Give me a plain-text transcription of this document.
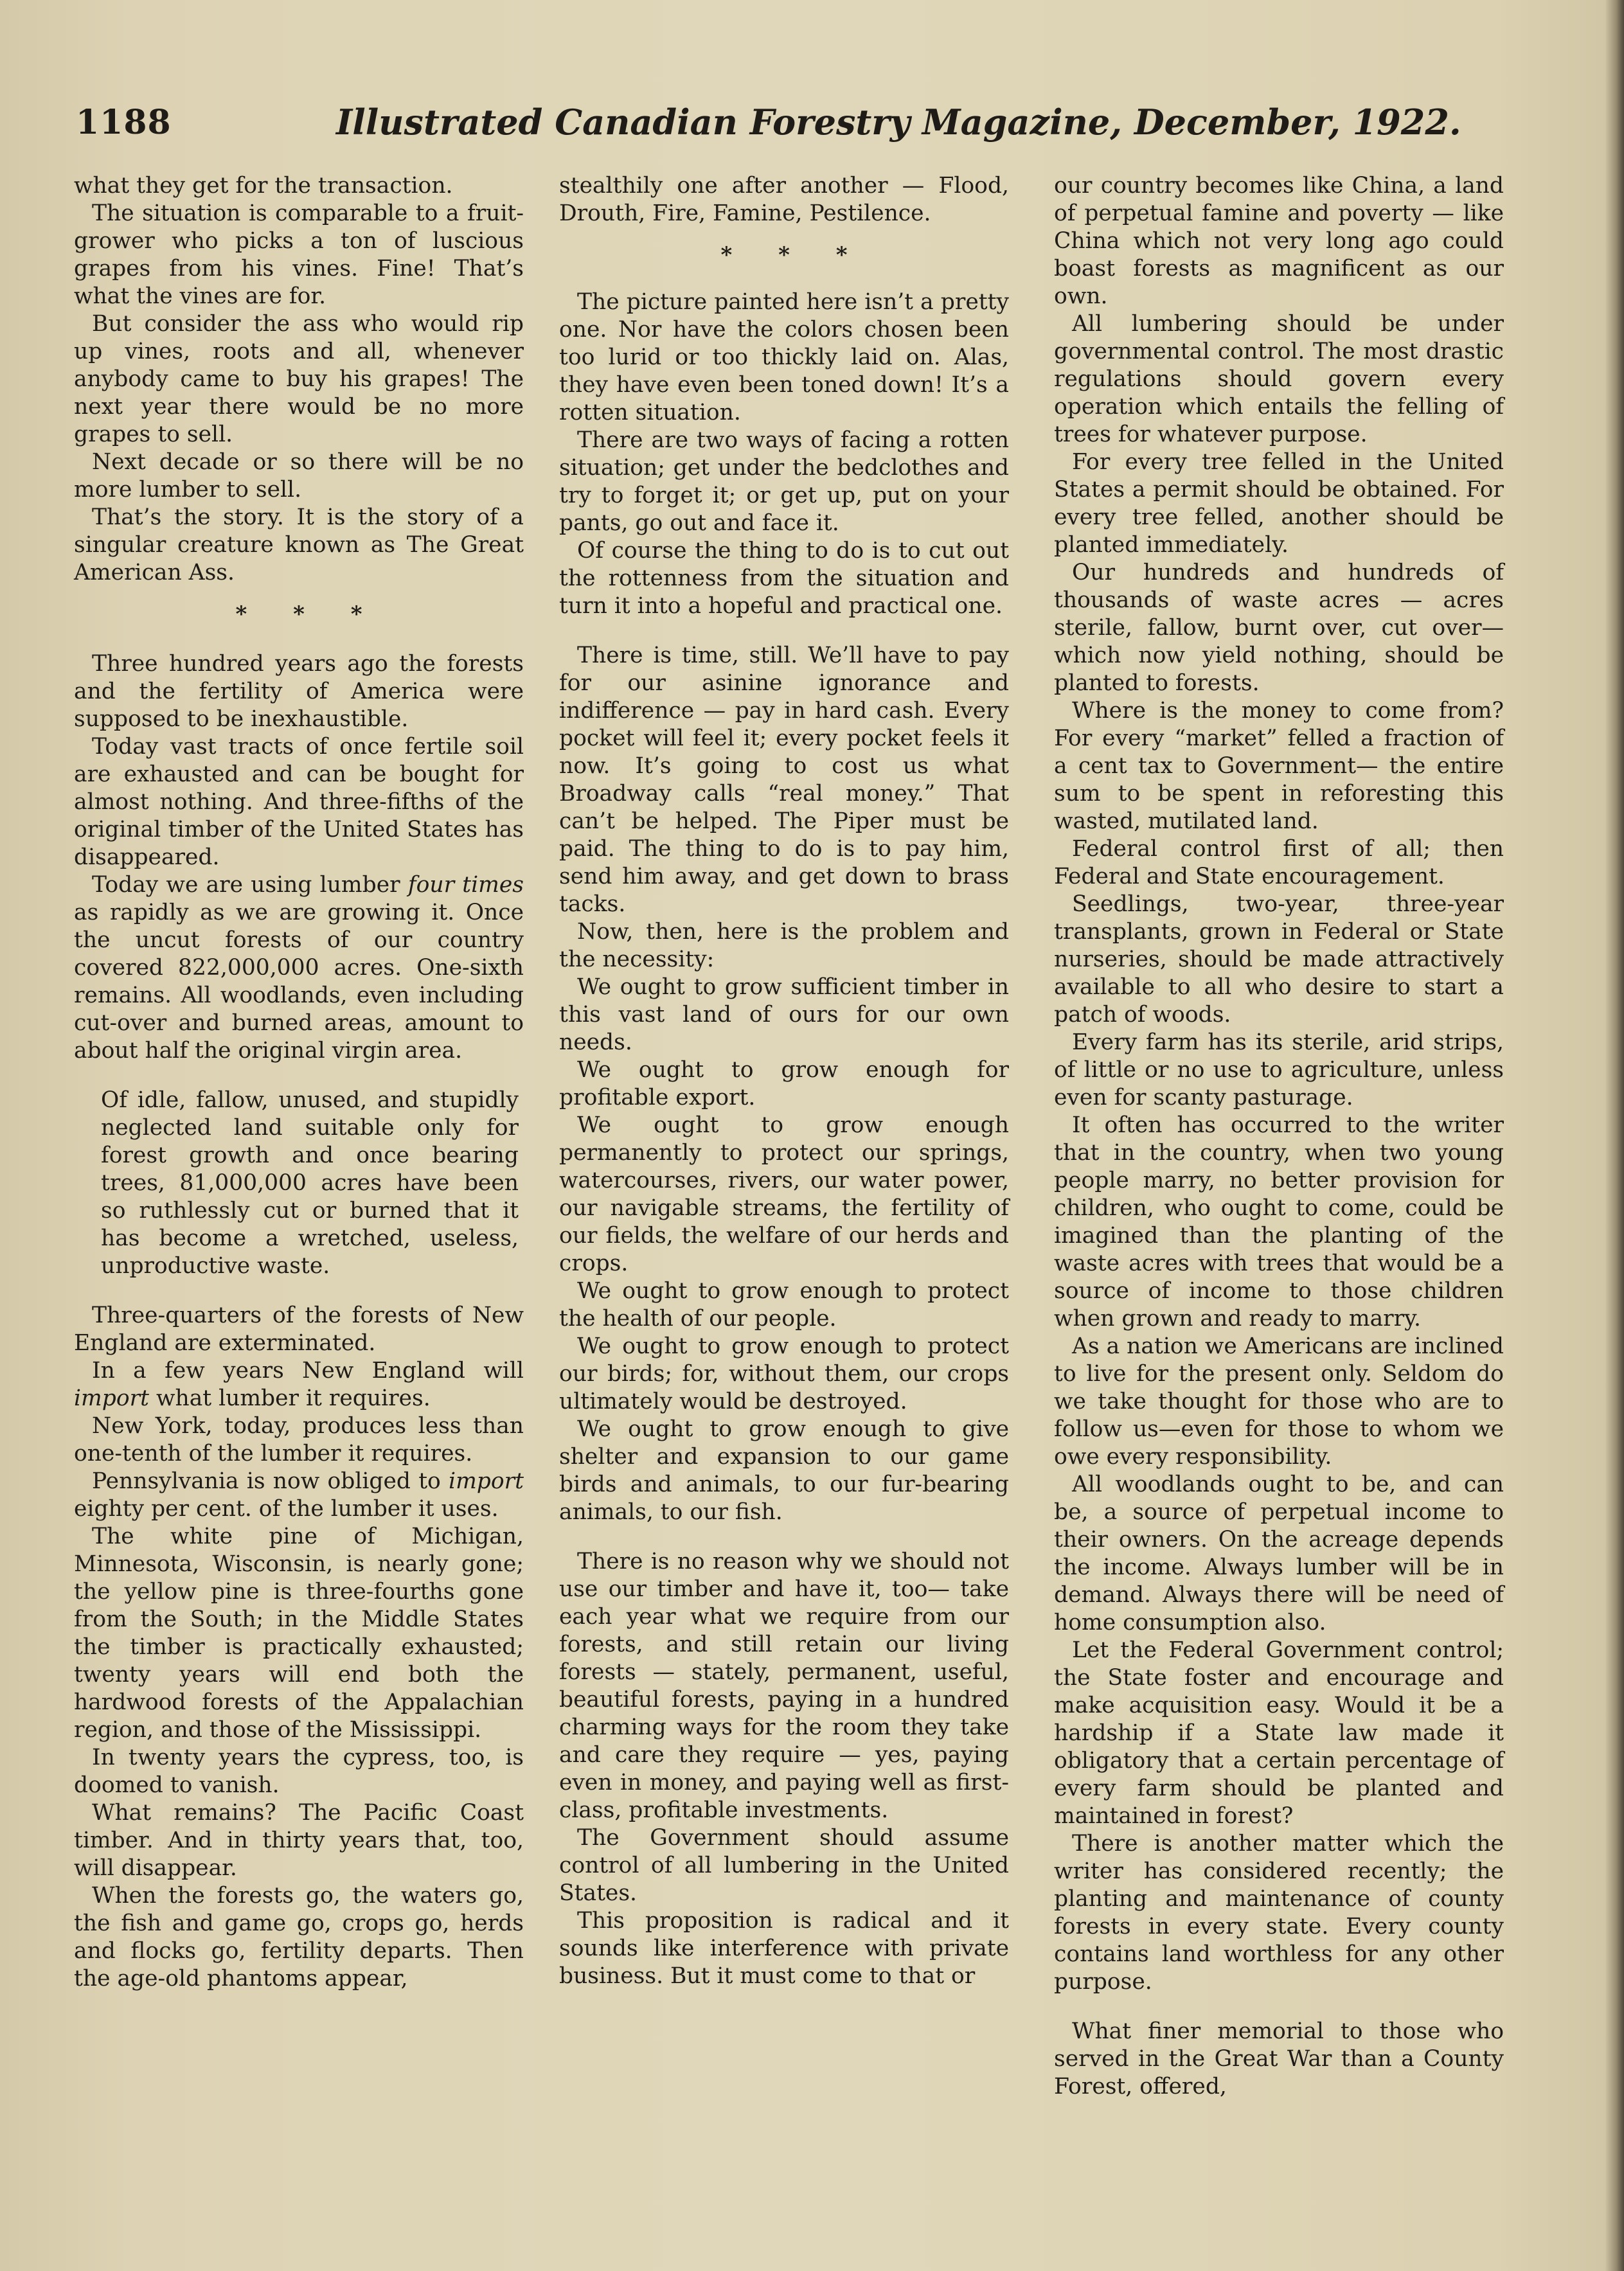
1188	Illustrated Canadian Forestry Magazine, December, 1922.

what they get for the transaction.

The situation is comparable to a fruit-grower who picks a ton of luscious grapes from his vines. Fine! That’s what the vines are for.

But consider the ass who would rip up vines, roots and all, whenever anybody came to buy his grapes! The next year there would be no more grapes to sell.

Next decade or so there will be no more lumber to sell.

That’s the story. It is the story of a singular creature known as The Great American Ass.

* * *

Three hundred years ago the forests and the fertility of America were supposed to be inexhaustible.

Today vast tracts of once fertile soil are exhausted and can be bought for almost nothing. And three-fifths of the original timber of the United States has disappeared.

Today we are using lumber four times as rapidly as we are growing it. Once the uncut forests of our country covered 822,000,000 acres. One-sixth remains. All woodlands, even including cut-over and burned areas, amount to about half the original virgin area.

Of idle, fallow, unused, and stupidly neglected land suitable only for forest growth and once bearing trees, 81,000,000 acres have been so ruthlessly cut or burned that it has become a wretched, useless, unproductive waste.

Three-quarters of the forests of New England are exterminated.

In a few years New England will import what lumber it requires.

New York, today, produces less than one-tenth of the lumber it requires.

Pennsylvania is now obliged to import eighty per cent. of the lumber it uses.

The white pine of Michigan, Minnesota, Wisconsin, is nearly gone; the yellow pine is three-fourths gone from the South; in the Middle States the timber is practically exhausted; twenty years will end both the hardwood forests of the Appalachian region, and those of the Mississippi.

In twenty years the cypress, too, is doomed to vanish.

What remains? The Pacific Coast timber. And in thirty years that, too, will disappear.

When the forests go, the waters go, the fish and game go, crops go, herds and flocks go, fertility departs. Then the age-old phantoms appear,

stealthily one after another — Flood, Drouth, Fire, Famine, Pestilence.

* * *

The picture painted here isn’t a pretty one. Nor have the colors chosen been too lurid or too thickly laid on. Alas, they have even been toned down! It’s a rotten situation.

There are two ways of facing a rotten situation; get under the bedclothes and try to forget it; or get up, put on your pants, go out and face it.

Of course the thing to do is to cut out the rottenness from the situation and turn it into a hopeful and practical one.

There is time, still. We’ll have to pay for our asinine ignorance and indifference — pay in hard cash. Every pocket will feel it; every pocket feels it now. It’s going to cost us what Broadway calls “real money.” That can’t be helped. The Piper must be paid. The thing to do is to pay him, send him away, and get down to brass tacks.

Now, then, here is the problem and the necessity:

We ought to grow sufficient timber in this vast land of ours for our own needs.

We ought to grow enough for profitable export.

We ought to grow enough permanently to protect our springs, watercourses, rivers, our water power, our navigable streams, the fertility of our fields, the welfare of our herds and crops.

We ought to grow enough to protect the health of our people.

We ought to grow enough to protect our birds; for, without them, our crops ultimately would be destroyed.

We ought to grow enough to give shelter and expansion to our game birds and animals, to our fur-bearing animals, to our fish.

There is no reason why we should not use our timber and have it, too— take each year what we require from our forests, and still retain our living forests — stately, permanent, useful, beautiful forests, paying in a hundred charming ways for the room they take and care they require — yes, paying even in money, and paying well as first-class, profitable investments.

The Government should assume control of all lumbering in the United States.

This proposition is radical and it sounds like interference with private business. But it must come to that or

our country becomes like China, a land of perpetual famine and poverty — like China which not very long ago could boast forests as magnificent as our own.

All lumbering should be under governmental control. The most drastic regulations should govern every operation which entails the felling of trees for whatever purpose.

For every tree felled in the United States a permit should be obtained. For every tree felled, another should be planted immediately.

Our hundreds and hundreds of thousands of waste acres — acres sterile, fallow, burnt over, cut over— which now yield nothing, should be planted to forests.

Where is the money to come from? For every “market” felled a fraction of a cent tax to Government— the entire sum to be spent in reforesting this wasted, mutilated land.

Federal control first of all; then Federal and State encouragement.

Seedlings, two-year, three-year transplants, grown in Federal or State nurseries, should be made attractively available to all who desire to start a patch of woods.

Every farm has its sterile, arid strips, of little or no use to agriculture, unless even for scanty pasturage.

It often has occurred to the writer that in the country, when two young people marry, no better provision for children, who ought to come, could be imagined than the planting of the waste acres with trees that would be a source of income to those children when grown and ready to marry.

As a nation we Americans are inclined to live for the present only. Seldom do we take thought for those who are to follow us—even for those to whom we owe every responsibility.

All woodlands ought to be, and can be, a source of perpetual income to their owners. On the acreage depends the income. Always lumber will be in demand. Always there will be need of home consumption also.

Let the Federal Government control; the State foster and encourage and make acquisition easy. Would it be a hardship if a State law made it obligatory that a certain percentage of every farm should be planted and maintained in forest?

There is another matter which the writer has considered recently; the planting and maintenance of county forests in every state. Every county contains land worthless for any other purpose.

What finer memorial to those who served in the Great War than a County Forest, offered,
